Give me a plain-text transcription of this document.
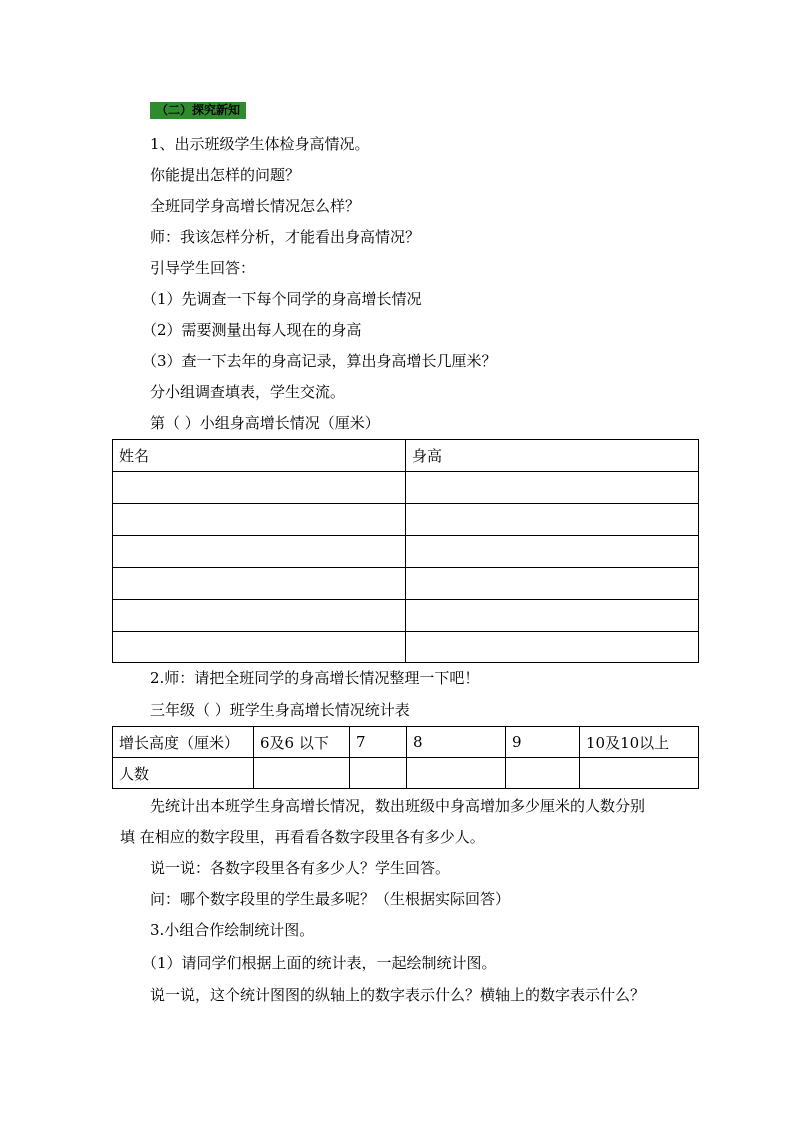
（二）探究新知
1、出示班级学生体检身高情况。
你能提出怎样的问题？
全班同学身高增长情况怎么样？
师：我该怎样分析，才能看出身高情况？
引导学生回答：
（1）先调查一下每个同学的身高增长情况
（2）需要测量出每人现在的身高
（3）查一下去年的身高记录，算出身高增长几厘米？
分小组调查填表，学生交流。
第（ ）小组身高增长情况（厘米）
姓名	身高

2.师：请把全班同学的身高增长情况整理一下吧！
三年级（ ）班学生身高增长情况统计表
增长高度（厘米）	6及6 以下	7	8	9	10及10以上
人数					
先统计出本班学生身高增长情况，数出班级中身高增加多少厘米的人数分别
填 在相应的数字段里，再看看各数字段里各有多少人。
说一说：各数字段里各有多少人？学生回答。
问：哪个数字段里的学生最多呢？（生根据实际回答）
3.小组合作绘制统计图。
（1）请同学们根据上面的统计表，一起绘制统计图。
说一说，这个统计图图的纵轴上的数字表示什么？横轴上的数字表示什么？
